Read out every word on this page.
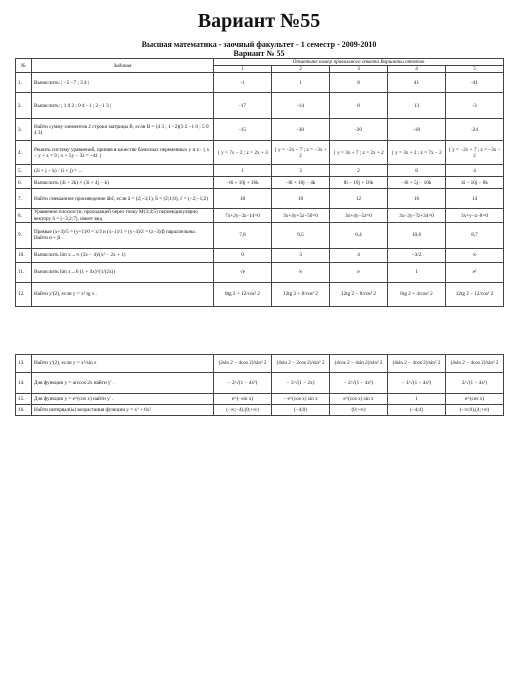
Вариант №55
Высшая математика - заочный факультет - 1 семестр - 2009-2010
Вариант № 55
№	Задания	Отметьте номер правильного ответа Варианты ответов				
		1	2	3	4	5
1.	Вычислить: | −5 −7 ; 3 4 |	-1	1	8	41	-41
2.	Вычислить: | 1 0 2 ; 0 4 −1 ; 2 −1 3 |	-17	-14	8	13	-3
3.	Найти сумму элементов 2 строки матрицы B, если B = (4 3 ; 1 −2)(3 2 −1 0 ; 5 0 4 3)	-15	-30	-20	-18	-24
4.	Решить систему уравнений, приняв в качестве базисных переменных y и z : { x − y + z = 9 ; x + 5y − 3z = −41 }	{ y = 7x − 2 ; z = 2x + 3	{ y = −2x − 7 ; z = −3x + 2	{ y = 3x + 7 ; z = 2x + 2	{ y = 3x + 2 ; z = 7x − 2	{ y = −2x + 7 ; z = −3x − 2
5.	(2i + j − k) · (i + j) = ...	1	3	2	8	4
6.	Вычислить (4i + 2k) × (3i + 4j − k)	−8i + 10j + 16k	−8i + 10j − 4k	8i − 10j + 16k	−8i + 5j − 10k	4i − 10j − 8k
7.	Найти смешанное произведение ābc̄, если ā = (2;−3;1), b̄ = (2;1;0), c̄ = (−2;−1;2)	18	10	12	16	14
8.	Уравнение плоскости, проходящей через точку M(3;4;5) перпендикулярно вектору n̄ = (−3;2;7), имеет вид	7x+2y−3z−14=0	3x+4y+5z−50=0	3x+4y−5z=0	3x−2y−7z+34=0	3x+y−z−8=0
9.	Прямые (x+3)/5 = (y+1)/0 = z/3 и (x−1)/1 = (y−4)/2 = (z−3)/β параллельны. Найти α + β .	7,8	9,5	6,4	10,6	8,7
10.	Вычислить lim x→∞ (3x − 4)/(x² − 2x + 1)	0	3	4	−3/2	∞
11.	Вычислить lim x→0 (1 + 4x)^(1/(2x))	√e	∞	e	1	e²
12.	Найти y′(2), если y = x² tg x .	8tg 2 + 12/cos² 2	12tg 2 + 8/cos² 2	12tg 2 − 8/cos² 2	6tg 2 + 4/cos² 2	12tg 2 − 12/cos² 2
13.	Найти y′(2), если y = x²/sin x	(2sin 2 − 4cos 2)/sin² 2	(4sin 2 − 2cos 2)/sin² 2	(4cos 2 − 4sin 2)/sin² 2	(4sin 2 − 4cos 2)/sin² 2	(4sin 2 − 4cos 2)/sin² 2
14.	Для функции y = arccos 2x найти y′ .	− 2/√(1 − 4x²)	− 1/√(1 − 2x)	− 2/√(1 − 4x²)	− 1/√(1 − 4x²)	2/√(1 − 4x²)
15.	Для функции y = e^(cos x) найти y′ .	e^(−sin x)	− e^(cos x) sin x	e^(cos x) sin x	1	e^(cos x)
16.	Найти интервал(ы) возрастания функции y = x³ + 6x²	(−∞;−4),(0;+∞)	(−4;0)	(0;+∞)	(−4;4)	(−∞;0),(4;+∞)
